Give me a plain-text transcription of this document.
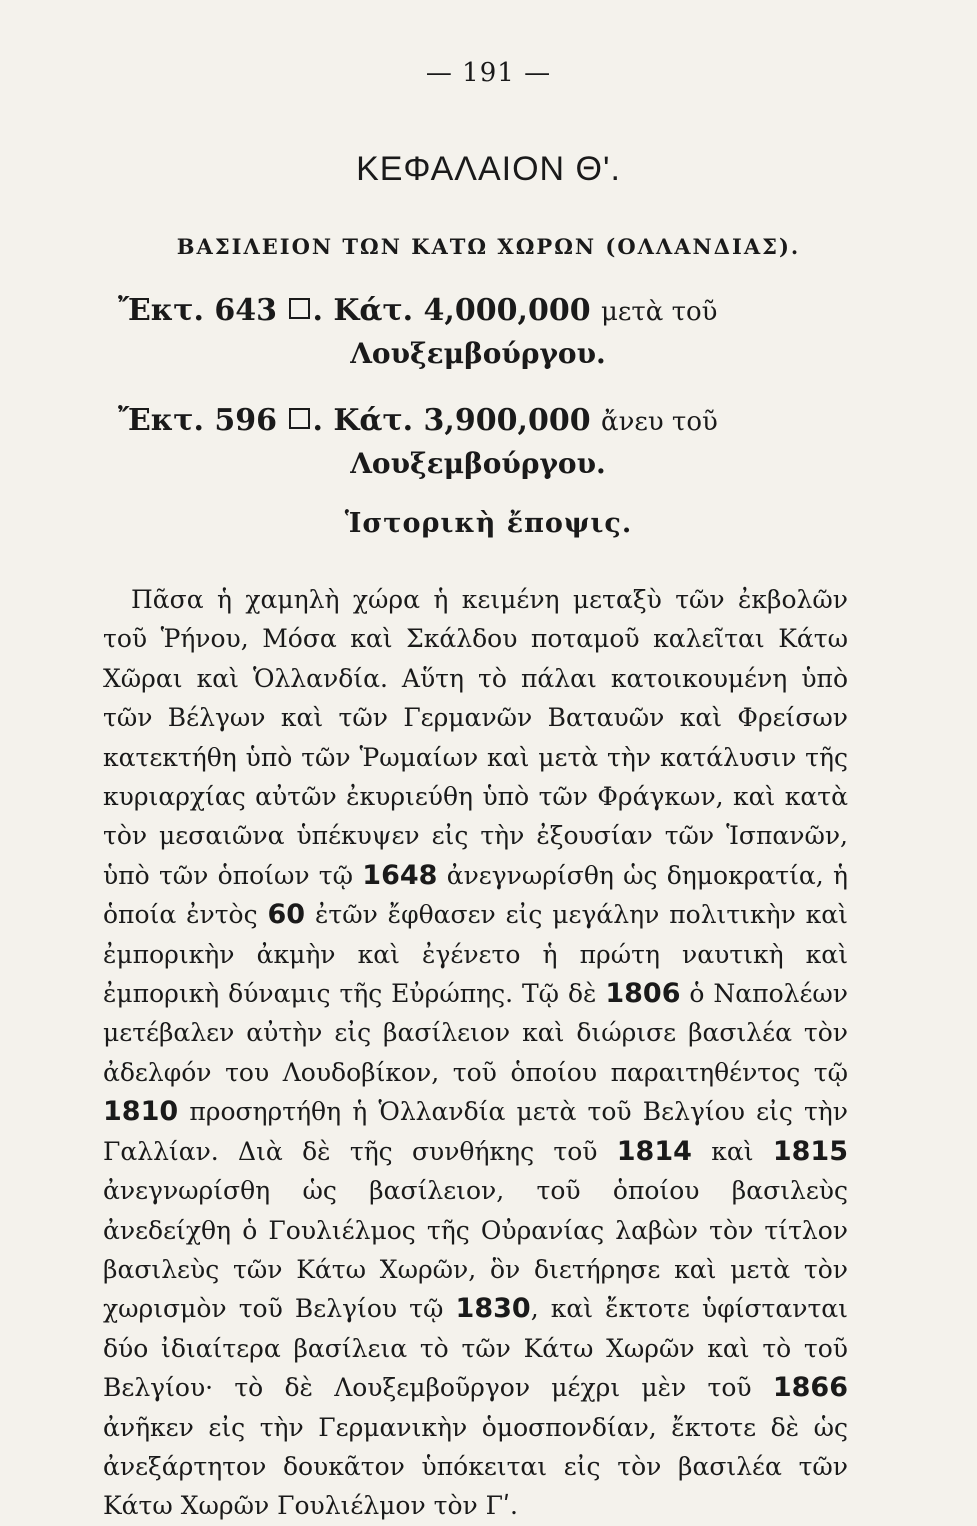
— 191 —
ΚΕΦΑΛΑΙΟΝ Θʹ.
ΒΑΣΙΛΕΙΟΝ ΤΩΝ ΚΑΤΩ ΧΩΡΩΝ (ΟΛΛΑΝΔΙΑΣ).
Ἔκτ. 643 . Κάτ. 4,000,000 μετὰ τοῦ
Λουξεμβούργου.
Ἔκτ. 596 . Κάτ. 3,900,000 ἄνευ τοῦ
Λουξεμβούργου.
Ἱστορικὴ ἔποψις.

Πᾶσα ἡ χαμηλὴ χώρα ἡ κειμένη μεταξὺ τῶν ἐκβολῶν τοῦ Ῥήνου, Μόσα καὶ Σκάλδου ποταμοῦ καλεῖται Κάτω Χῶραι καὶ Ὁλλανδία. Αὕτη τὸ πάλαι κατοικουμένη ὑπὸ τῶν Βέλγων καὶ τῶν Γερμανῶν Βαταυῶν καὶ Φρείσων κατεκτήθη ὑπὸ τῶν Ῥωμαίων καὶ μετὰ τὴν κατάλυσιν τῆς κυριαρχίας αὐτῶν ἐκυριεύθη ὑπὸ τῶν Φράγκων, καὶ κατὰ τὸν μεσαιῶνα ὑπέκυψεν εἰς τὴν ἐξουσίαν τῶν Ἱσπανῶν, ὑπὸ τῶν ὁποίων τῷ 1648 ἀνεγνωρίσθη ὡς δημοκρατία, ἡ ὁποία ἐντὸς 60 ἐτῶν ἔφθασεν εἰς μεγάλην πολιτικὴν καὶ ἐμπορικὴν ἀκμὴν καὶ ἐγένετο ἡ πρώτη ναυτικὴ καὶ ἐμπορικὴ δύναμις τῆς Εὐρώπης. Τῷ δὲ 1806 ὁ Ναπολέων μετέβαλεν αὐτὴν εἰς βασίλειον καὶ διώρισε βασιλέα τὸν ἀδελφόν του Λουδοβίκον, τοῦ ὁποίου παραιτηθέντος τῷ 1810 προσηρτήθη ἡ Ὁλλανδία μετὰ τοῦ Βελγίου εἰς τὴν Γαλλίαν. Διὰ δὲ τῆς συνθήκης τοῦ 1814 καὶ 1815 ἀνεγνωρίσθη ὡς βασίλειον, τοῦ ὁποίου βασιλεὺς ἀνεδείχθη ὁ Γουλιέλμος τῆς Οὐρανίας λαβὼν τὸν τίτλον βασιλεὺς τῶν Κάτω Χωρῶν, ὃν διετήρησε καὶ μετὰ τὸν χωρισμὸν τοῦ Βελγίου τῷ 1830, καὶ ἔκτοτε ὑφίστανται δύο ἰδιαίτερα βασίλεια τὸ τῶν Κάτω Χωρῶν καὶ τὸ τοῦ Βελγίου· τὸ δὲ Λουξεμβοῦργον μέχρι μὲν τοῦ 1866 ἀνῆκεν εἰς τὴν Γερμανικὴν ὁμοσπονδίαν, ἔκτοτε δὲ ὡς ἀνεξάρτητον δουκᾶτον ὑπόκειται εἰς τὸν βασιλέα τῶν Κάτω Χωρῶν Γουλιέλμον τὸν Γʹ.
